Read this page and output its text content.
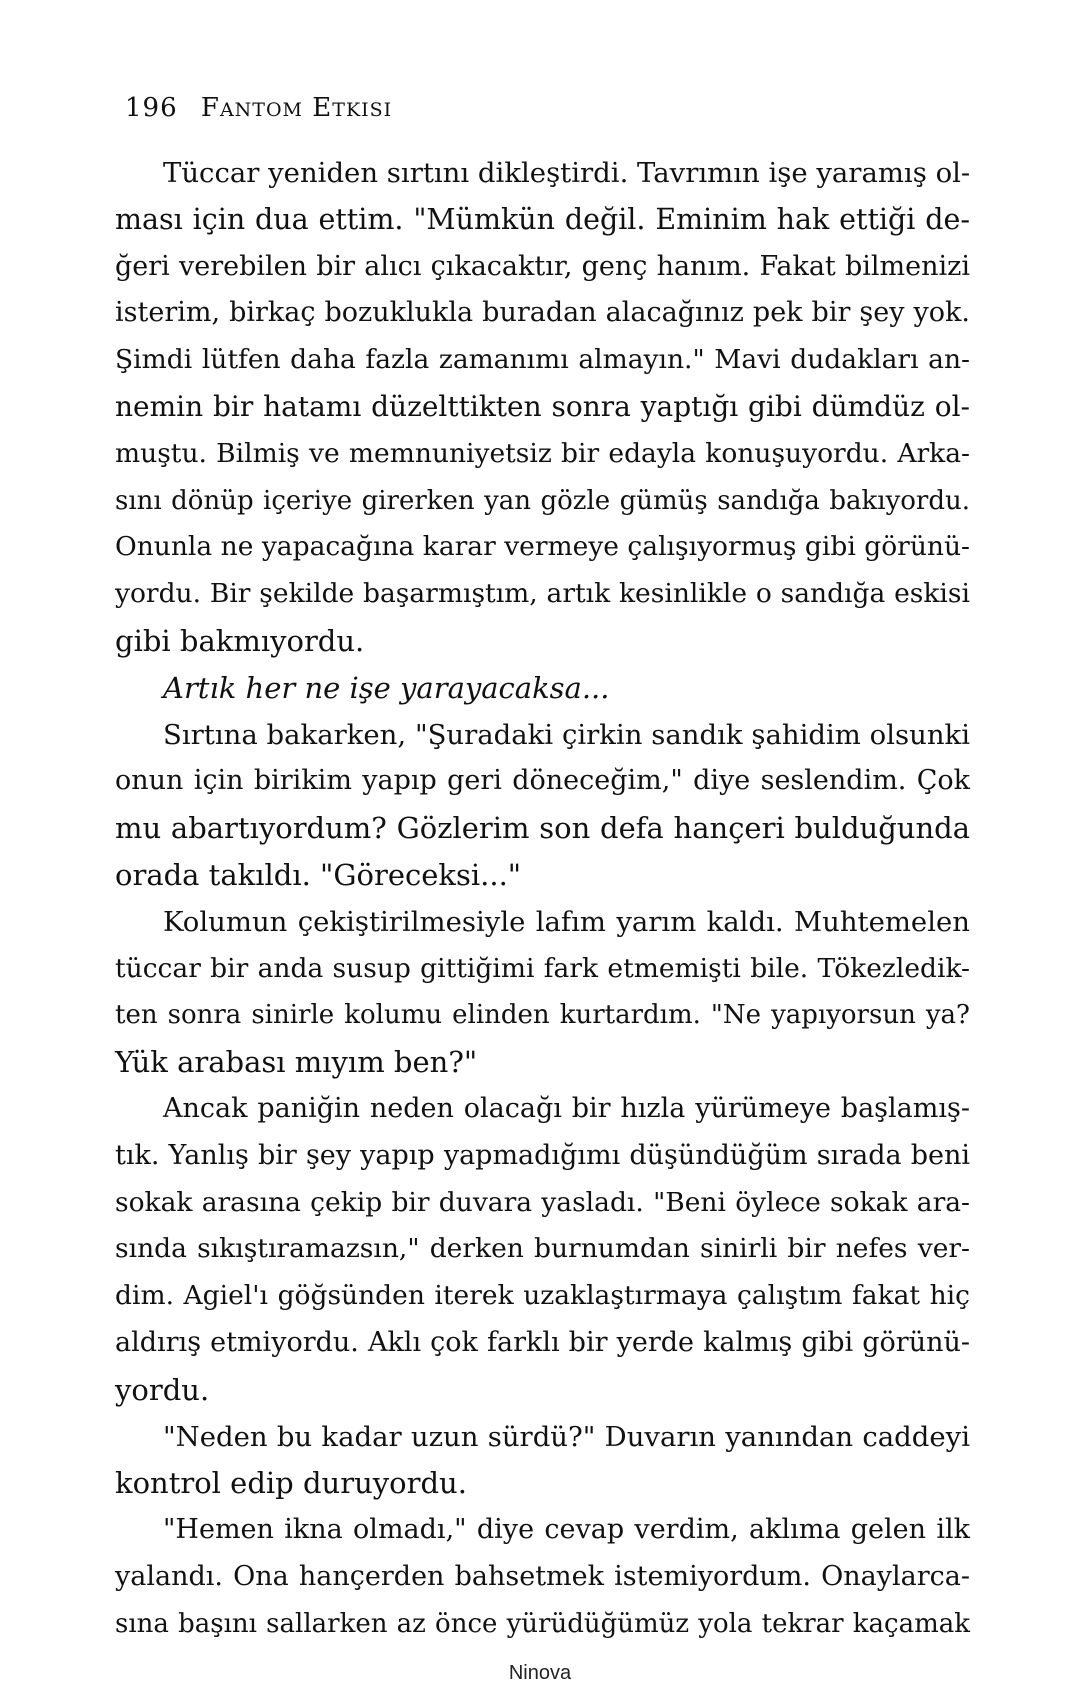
196 FANTOM ETKISI
Tüccar yeniden sırtını dikleştirdi. Tavrımın işe yaramış ol-
ması için dua ettim. "Mümkün değil. Eminim hak ettiği de-
ğeri verebilen bir alıcı çıkacaktır, genç hanım. Fakat bilmenizi
isterim, birkaç bozuklukla buradan alacağınız pek bir şey yok.
Şimdi lütfen daha fazla zamanımı almayın." Mavi dudakları an-
nemin bir hatamı düzelttikten sonra yaptığı gibi dümdüz ol-
muştu. Bilmiş ve memnuniyetsiz bir edayla konuşuyordu. Arka-
sını dönüp içeriye girerken yan gözle gümüş sandığa bakıyordu.
Onunla ne yapacağına karar vermeye çalışıyormuş gibi görünü-
yordu. Bir şekilde başarmıştım, artık kesinlikle o sandığa eskisi
gibi bakmıyordu.
Artık her ne işe yarayacaksa...
Sırtına bakarken, "Şuradaki çirkin sandık şahidim olsunki
onun için birikim yapıp geri döneceğim," diye seslendim. Çok
mu abartıyordum? Gözlerim son defa hançeri bulduğunda
orada takıldı. "Göreceksi..."
Kolumun çekiştirilmesiyle lafım yarım kaldı. Muhtemelen
tüccar bir anda susup gittiğimi fark etmemişti bile. Tökezledik-
ten sonra sinirle kolumu elinden kurtardım. "Ne yapıyorsun ya?
Yük arabası mıyım ben?"
Ancak paniğin neden olacağı bir hızla yürümeye başlamış-
tık. Yanlış bir şey yapıp yapmadığımı düşündüğüm sırada beni
sokak arasına çekip bir duvara yasladı. "Beni öylece sokak ara-
sında sıkıştıramazsın," derken burnumdan sinirli bir nefes ver-
dim. Agiel'ı göğsünden iterek uzaklaştırmaya çalıştım fakat hiç
aldırış etmiyordu. Aklı çok farklı bir yerde kalmış gibi görünü-
yordu.
"Neden bu kadar uzun sürdü?" Duvarın yanından caddeyi
kontrol edip duruyordu.
"Hemen ikna olmadı," diye cevap verdim, aklıma gelen ilk
yalandı. Ona hançerden bahsetmek istemiyordum. Onaylarca-
sına başını sallarken az önce yürüdüğümüz yola tekrar kaçamak
Ninova
